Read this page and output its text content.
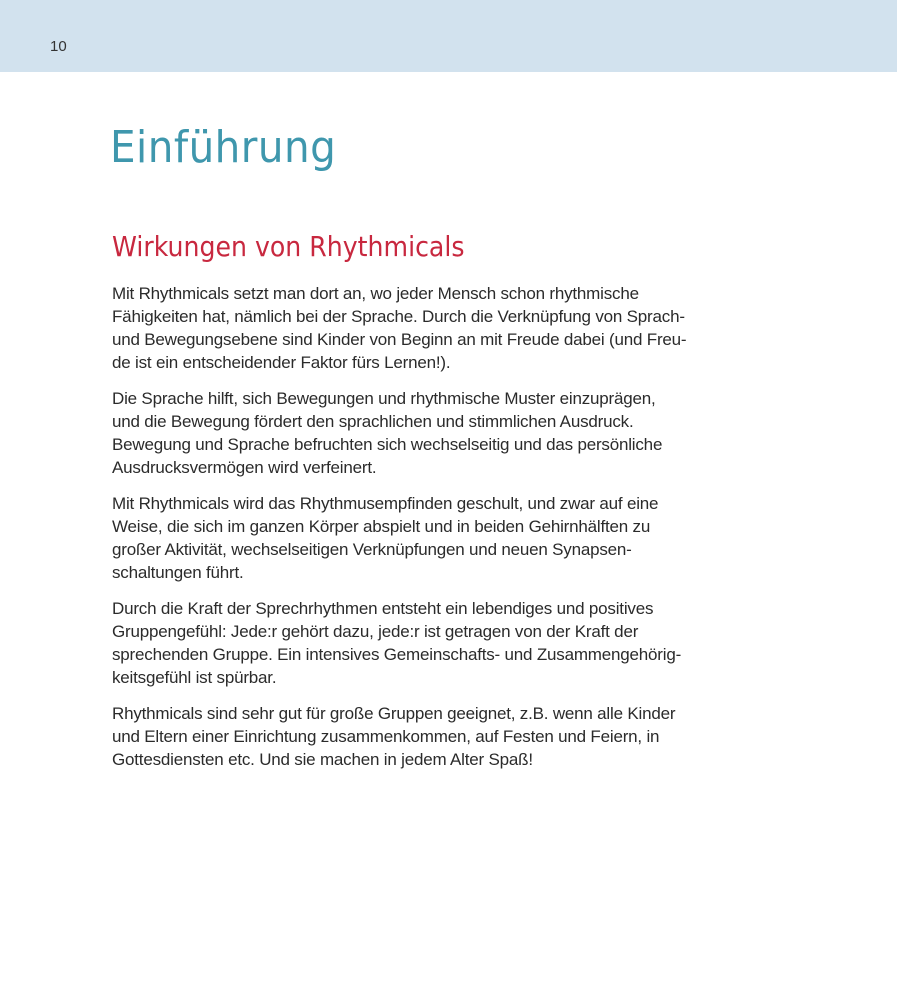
10
Einführung
Wirkungen von Rhythmicals

Mit Rhythmicals setzt man dort an, wo jeder Mensch schon rhythmische
Fähigkeiten hat, nämlich bei der Sprache. Durch die Verknüpfung von Sprach-
und Bewegungsebene sind Kinder von Beginn an mit Freude dabei (und Freu-
de ist ein entscheidender Faktor fürs Lernen!).

Die Sprache hilft, sich Bewegungen und rhythmische Muster einzuprägen,
und die Bewegung fördert den sprachlichen und stimmlichen Ausdruck.
Bewegung und Sprache befruchten sich wechselseitig und das persönliche
Ausdrucksvermögen wird verfeinert.

Mit Rhythmicals wird das Rhythmusempfinden geschult, und zwar auf eine
Weise, die sich im ganzen Körper abspielt und in beiden Gehirnhälften zu
großer Aktivität, wechselseitigen Verknüpfungen und neuen Synapsen-
schaltungen führt.

Durch die Kraft der Sprechrhythmen entsteht ein lebendiges und positives
Gruppengefühl: Jede:r gehört dazu, jede:r ist getragen von der Kraft der
sprechenden Gruppe. Ein intensives Gemeinschafts- und Zusammengehörig-
keitsgefühl ist spürbar.

Rhythmicals sind sehr gut für große Gruppen geeignet, z.B. wenn alle Kinder
und Eltern einer Einrichtung zusammenkommen, auf Festen und Feiern, in
Gottesdiensten etc. Und sie machen in jedem Alter Spaß!
